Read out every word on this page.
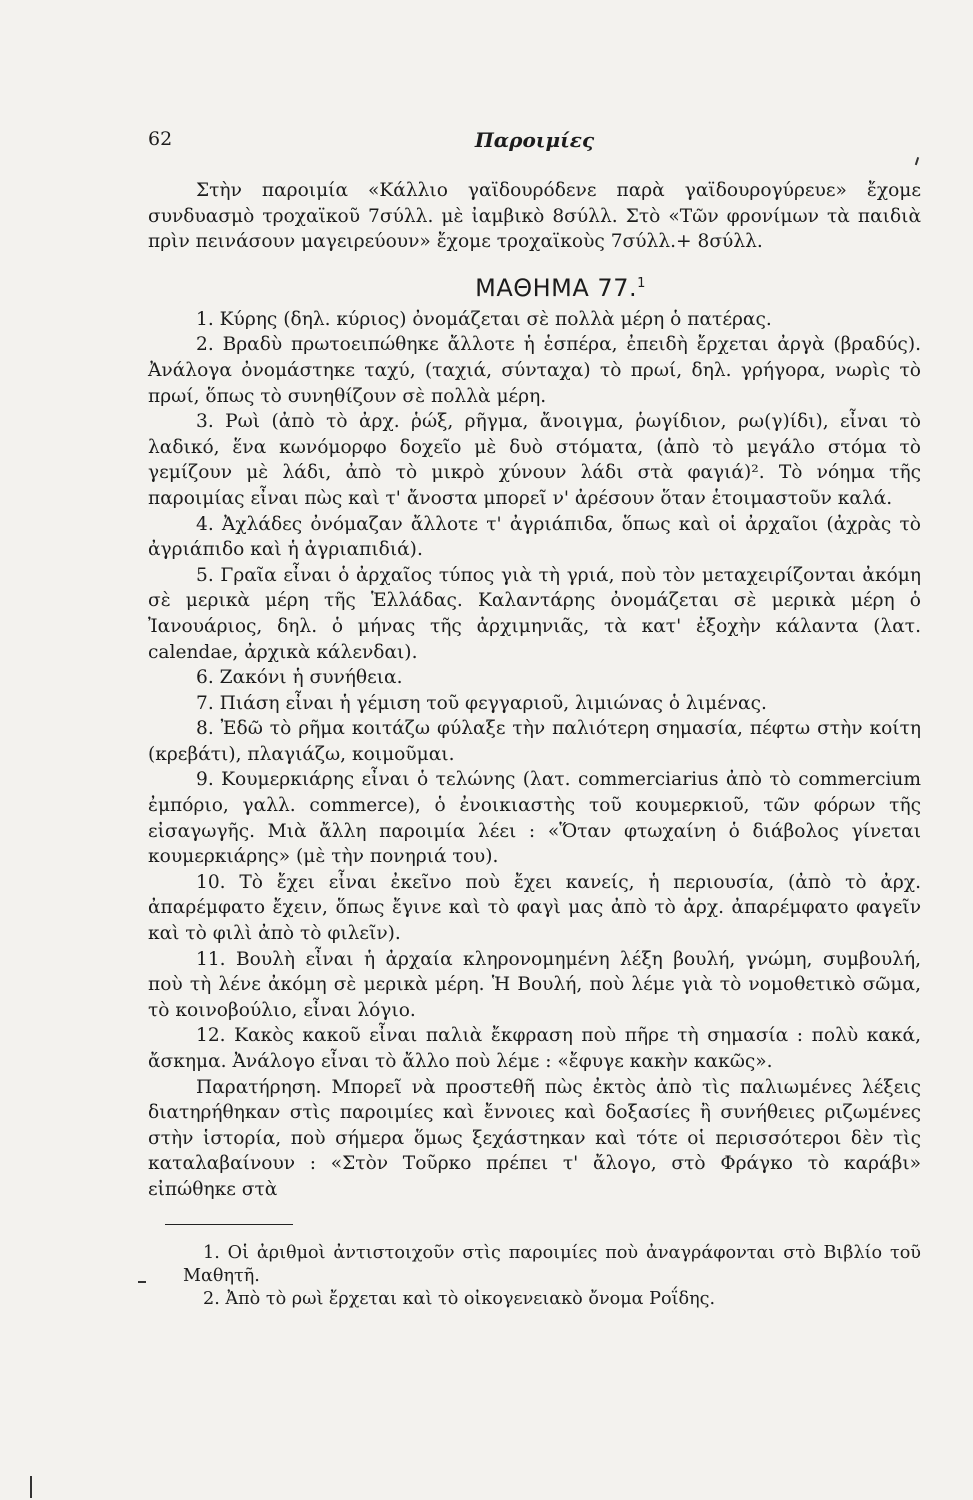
62	Παροιμίες

Στὴν παροιμία «Κάλλιο γαϊδουρόδενε παρὰ γαϊδουρογύρευε» ἔχομε συνδυασμὸ τροχαϊκοῦ 7σύλλ. μὲ ἰαμβικὸ 8σύλλ. Στὸ «Τῶν φρονίμων τὰ παιδιὰ πρὶν πεινάσουν μαγειρεύουν» ἔχομε τροχαϊκοὺς 7σύλλ.+ 8σύλλ.

ΜΑΘΗΜΑ 77.$^1$

1. Κύρης (δηλ. κύριος) ὀνομάζεται σὲ πολλὰ μέρη ὁ πατέρας.

2. Βραδὺ πρωτοειπώθηκε ἄλλοτε ἡ ἑσπέρα, ἐπειδὴ ἔρχεται ἀργὰ (βραδύς). Ἀνάλογα ὀνομάστηκε ταχύ, (ταχιά, σύνταχα) τὸ πρωί, δηλ. γρήγορα, νωρὶς τὸ πρωί, ὅπως τὸ συνηθίζουν σὲ πολλὰ μέρη.

3. Ρωὶ (ἀπὸ τὸ ἀρχ. ῥώξ, ρῆγμα, ἄνοιγμα, ῥωγίδιον, ρω(γ)ίδι), εἶναι τὸ λαδικό, ἕνα κωνόμορφο δοχεῖο μὲ δυὸ στόματα, (ἀπὸ τὸ μεγάλο στόμα τὸ γεμίζουν μὲ λάδι, ἀπὸ τὸ μικρὸ χύνουν λάδι στὰ φαγιά)². Τὸ νόημα τῆς παροιμίας εἶναι πὼς καὶ τ' ἄνοστα μπορεῖ ν' ἀρέσουν ὅταν ἑτοιμαστοῦν καλά.

4. Ἀχλάδες ὀνόμαζαν ἄλλοτε τ' ἀγριάπιδα, ὅπως καὶ οἱ ἀρχαῖοι (ἀχρὰς τὸ ἀγριάπιδο καὶ ἡ ἀγριαπιδιά).

5. Γραῖα εἶναι ὁ ἀρχαῖος τύπος γιὰ τὴ γριά, ποὺ τὸν μεταχειρίζονται ἀκόμη σὲ μερικὰ μέρη τῆς Ἑλλάδας. Καλαντάρης ὀνομάζεται σὲ μερικὰ μέρη ὁ Ἰανουάριος, δηλ. ὁ μήνας τῆς ἀρχιμηνιᾶς, τὰ κατ' ἐξοχὴν κάλαντα (λατ. calendae, ἀρχικὰ κάλενδαι).

6. Ζακόνι ἡ συνήθεια.

7. Πιάση εἶναι ἡ γέμιση τοῦ φεγγαριοῦ, λιμιώνας ὁ λιμένας.

8. Ἐδῶ τὸ ρῆμα κοιτάζω φύλαξε τὴν παλιότερη σημασία, πέφτω στὴν κοίτη (κρεβάτι), πλαγιάζω, κοιμοῦμαι.

9. Κουμερκιάρης εἶναι ὁ τελώνης (λατ. commerciarius ἀπὸ τὸ commercium ἐμπόριο, γαλλ. commerce), ὁ ἐνοικιαστὴς τοῦ κουμερκιοῦ, τῶν φόρων τῆς εἰσαγωγῆς. Μιὰ ἄλλη παροιμία λέει : «Ὅταν φτωχαίνη ὁ διάβολος γίνεται κουμερκιάρης» (μὲ τὴν πονηριά του).

10. Τὸ ἔχει εἶναι ἐκεῖνο ποὺ ἔχει κανείς, ἡ περιουσία, (ἀπὸ τὸ ἀρχ. ἀπαρέμφατο ἔχειν, ὅπως ἔγινε καὶ τὸ φαγὶ μας ἀπὸ τὸ ἀρχ. ἀπαρέμφατο φαγεῖν καὶ τὸ φιλὶ ἀπὸ τὸ φιλεῖν).

11. Βουλὴ εἶναι ἡ ἀρχαία κληρονομημένη λέξη βουλή, γνώμη, συμβουλή, ποὺ τὴ λένε ἀκόμη σὲ μερικὰ μέρη. Ἡ Βουλή, ποὺ λέμε γιὰ τὸ νομοθετικὸ σῶμα, τὸ κοινοβούλιο, εἶναι λόγιο.

12. Κακὸς κακοῦ εἶναι παλιὰ ἔκφραση ποὺ πῆρε τὴ σημασία : πολὺ κακά, ἄσκημα. Ἀνάλογο εἶναι τὸ ἄλλο ποὺ λέμε : «ἔφυγε κακὴν κακῶς».

Παρατήρηση. Μπορεῖ νὰ προστεθῆ πὼς ἐκτὸς ἀπὸ τὶς παλιωμένες λέξεις διατηρήθηκαν στὶς παροιμίες καὶ ἔννοιες καὶ δοξασίες ἢ συνήθειες ριζωμένες στὴν ἱστορία, ποὺ σήμερα ὅμως ξεχάστηκαν καὶ τότε οἱ περισσότεροι δὲν τὶς καταλαβαίνουν : «Στὸν Τοῦρκο πρέπει τ' ἄλογο, στὸ Φράγκο τὸ καράβι» εἰπώθηκε στὰ

1. Οἱ ἀριθμοὶ ἀντιστοιχοῦν στὶς παροιμίες ποὺ ἀναγράφονται στὸ Βιβλίο τοῦ Μαθητῆ.

2. Ἀπὸ τὸ ρωὶ ἔρχεται καὶ τὸ οἰκογενειακὸ ὄνομα Ροΐδης.
